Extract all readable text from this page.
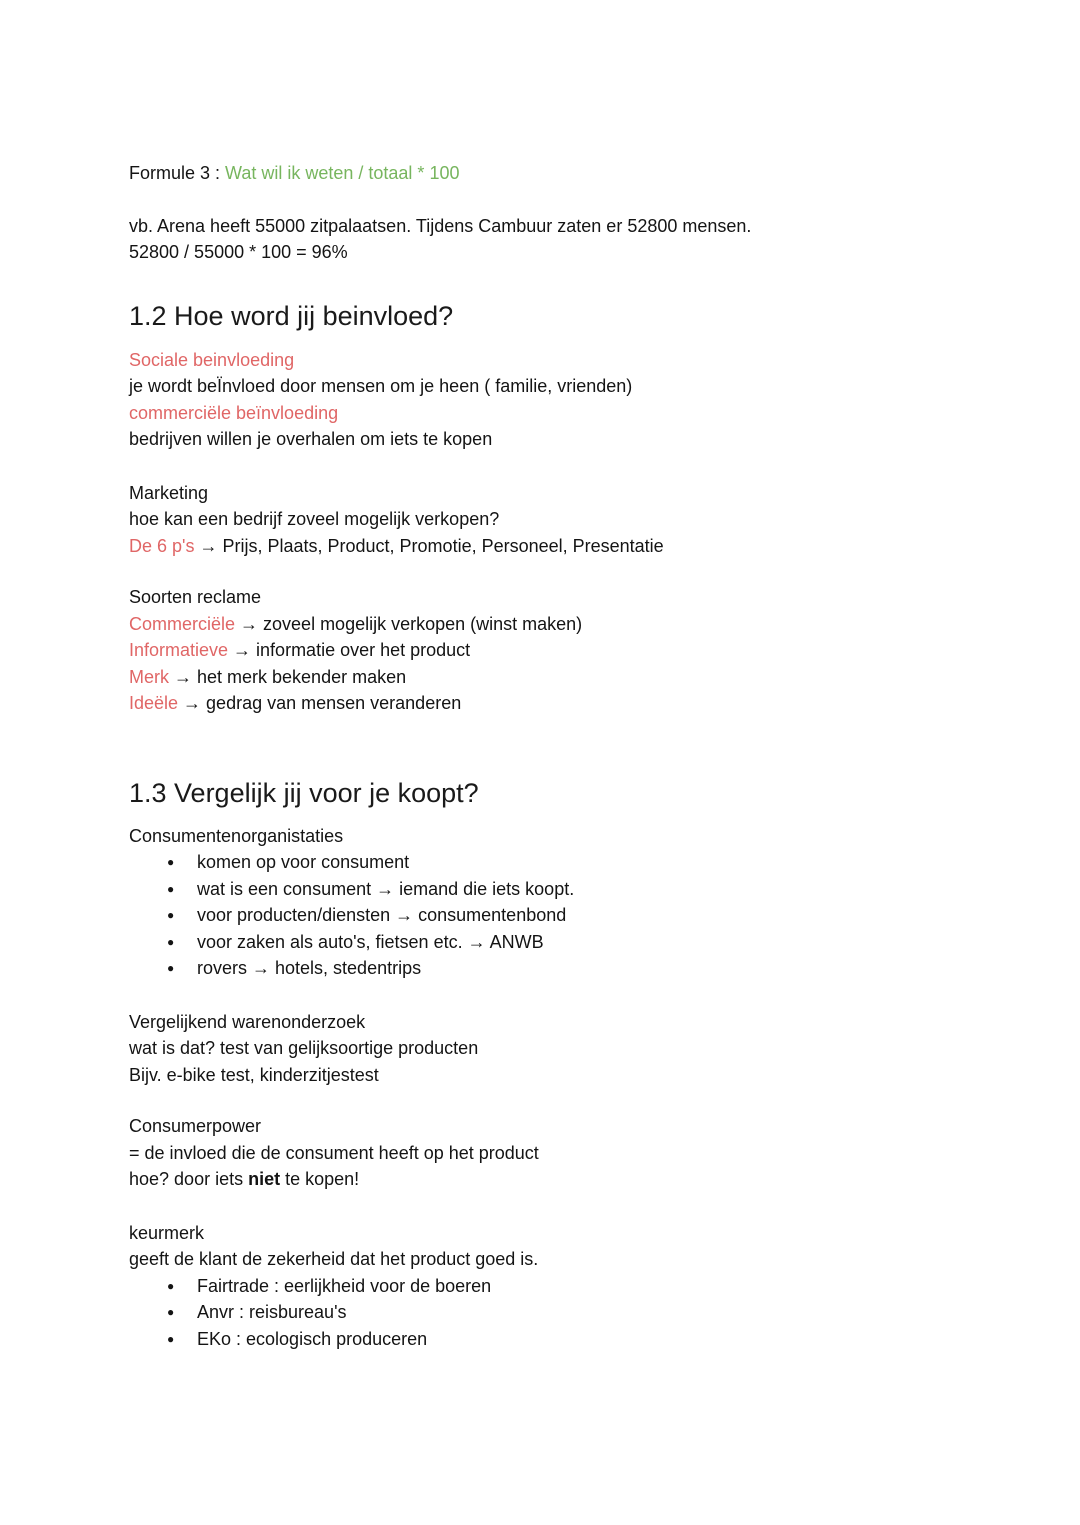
Formule 3 : Wat wil ik weten / totaal * 100
vb. Arena heeft 55000 zitpalaatsen. Tijdens Cambuur zaten er 52800 mensen.
52800 / 55000 * 100 = 96%
1.2 Hoe word jij beinvloed?
Sociale beinvloeding
je wordt beÏnvloed door mensen om je heen ( familie, vrienden)
commerciële beïnvloeding
bedrijven willen je overhalen om iets te kopen
Marketing
hoe kan een bedrijf zoveel mogelijk verkopen?
De 6 p's → Prijs, Plaats, Product, Promotie, Personeel, Presentatie
Soorten reclame
Commerciële → zoveel mogelijk verkopen (winst maken)
Informatieve → informatie over het product
Merk → het merk bekender maken
Ideële → gedrag van mensen veranderen
1.3 Vergelijk jij voor je koopt?
Consumentenorganistaties
● komen op voor consument
● wat is een consument → iemand die iets koopt.
● voor producten/diensten → consumentenbond
● voor zaken als auto's, fietsen etc. → ANWB
● rovers → hotels, stedentrips
Vergelijkend warenonderzoek
wat is dat? test van gelijksoortige producten
Bijv. e-bike test, kinderzitjestest
Consumerpower
= de invloed die de consument heeft op het product
hoe? door iets niet te kopen!
keurmerk
geeft de klant de zekerheid dat het product goed is.
● Fairtrade : eerlijkheid voor de boeren
● Anvr : reisbureau's
● EKo : ecologisch produceren
